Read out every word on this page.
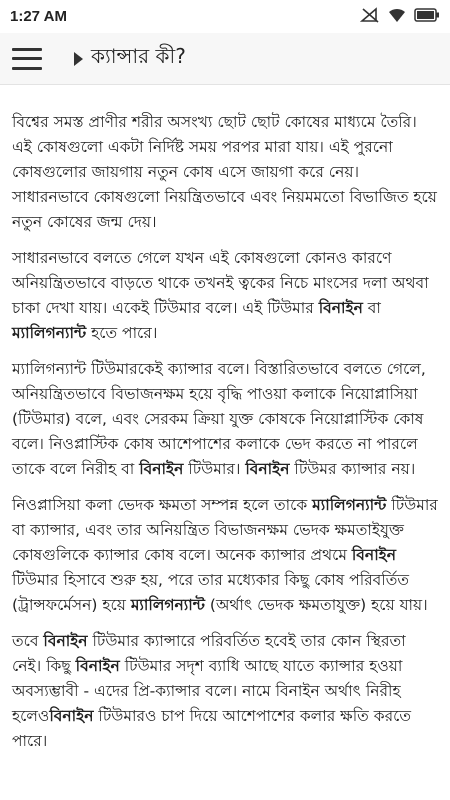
1:27 AM
ক্যান্সার কী?

বিশ্বের সমস্ত প্রাণীর শরীর অসংখ্য ছোট ছোট কোষের মাধ্যমে তৈরি। এই কোষগুলো একটা নির্দিষ্ট সময় পরপর মারা যায়। এই পুরনো কোষগুলোর জায়গায় নতুন কোষ এসে জায়গা করে নেয়। সাধারনভাবে কোষগুলো নিয়ন্ত্রিতভাবে এবং নিয়মমতো বিভাজিত হয়ে নতুন কোষের জন্ম দেয়।

সাধারনভাবে বলতে গেলে যখন এই কোষগুলো কোনও কারণে অনিয়ন্ত্রিতভাবে বাড়তে থাকে তখনই ত্বকের নিচে মাংসের দলা অথবা চাকা দেখা যায়। একেই টিউমার বলে। এই টিউমার বিনাইন বা ম্যালিগন্যান্ট হতে পারে।

ম্যালিগন্যান্ট টিউমারকেই ক্যান্সার বলে। বিস্তারিতভাবে বলতে গেলে, অনিয়ন্ত্রিতভাবে বিভাজনক্ষম হয়ে বৃদ্ধি পাওয়া কলাকে নিয়োপ্লাসিয়া (টিউমার) বলে, এবং সেরকম ক্রিয়া যুক্ত কোষকে নিয়োপ্লাস্টিক কোষ বলে। নিওপ্লাস্টিক কোষ আশেপাশের কলাকে ভেদ করতে না পারলে তাকে বলে নিরীহ বা বিনাইন টিউমার। বিনাইন টিউমর ক্যান্সার নয়।

নিওপ্লাসিয়া কলা ভেদক ক্ষমতা সম্পন্ন হলে তাকে ম্যালিগন্যান্ট টিউমার বা ক্যান্সার, এবং তার অনিয়ন্ত্রিত বিভাজনক্ষম ভেদক ক্ষমতাইযুক্ত কোষগুলিকে ক্যান্সার কোষ বলে। অনেক ক্যান্সার প্রথমে বিনাইন টিউমার হিসাবে শুরু হয়, পরে তার মধ্যেকার কিছু কোষ পরিবর্তিত (ট্রান্সফর্মেসন) হয়ে ম্যালিগন্যান্ট (অর্থাৎ ভেদক ক্ষমতাযুক্ত) হয়ে যায়।

তবে বিনাইন টিউমার ক্যান্সারে পরিবর্তিত হবেই তার কোন স্থিরতা নেই। কিছু বিনাইন টিউমার সদৃশ ব্যাধি আছে যাতে ক্যান্সার হওয়া অবস্যম্ভাবী - এদের প্রি-ক্যান্সার বলে। নামে বিনাইন অর্থাৎ নিরীহ হলেওবিনাইন টিউমারও চাপ দিয়ে আশেপাশের কলার ক্ষতি করতে পারে।
